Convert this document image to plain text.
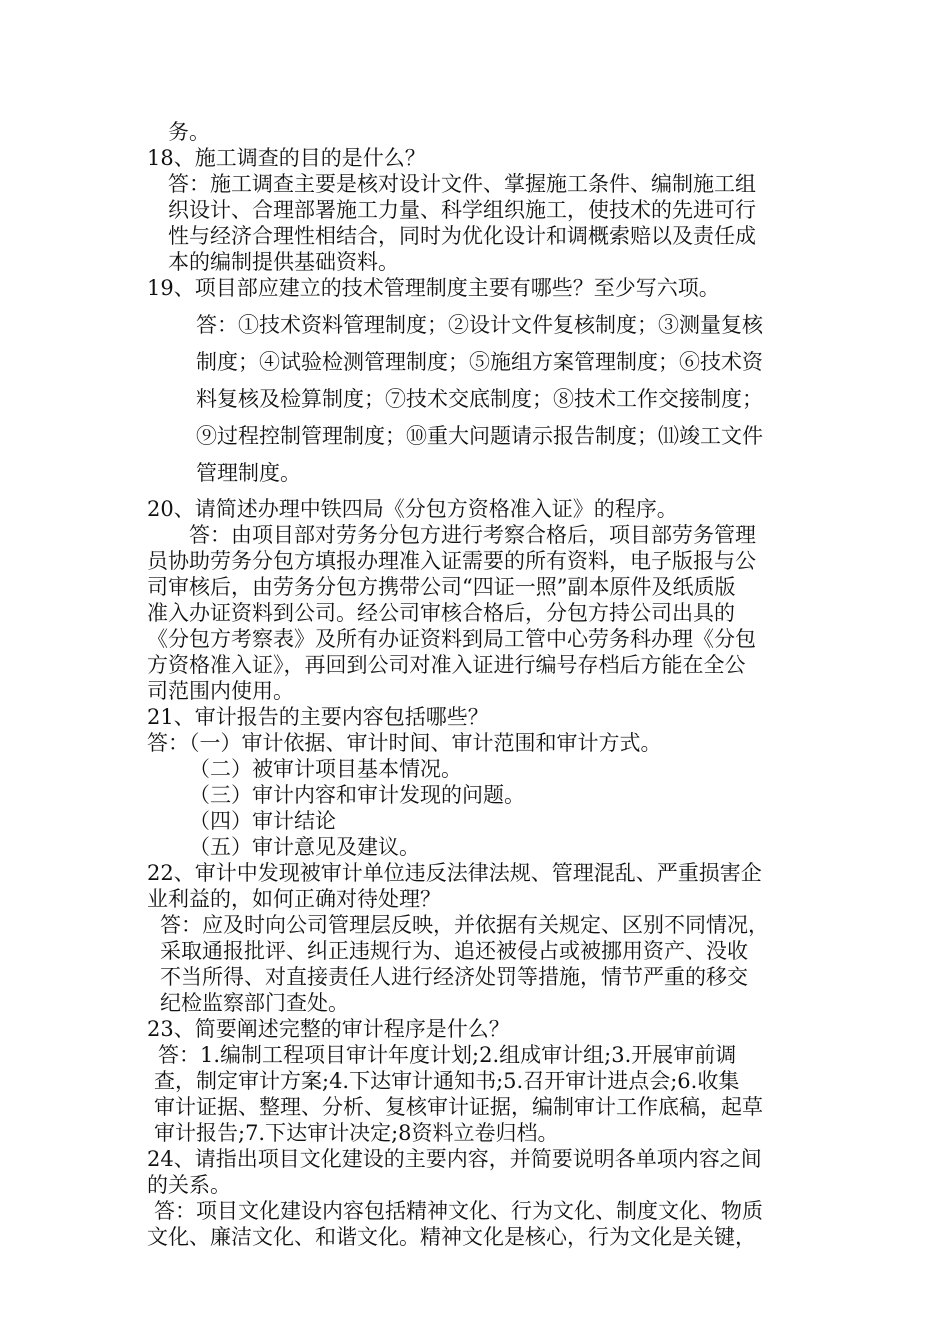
务。
18、施工调查的目的是什么？
答：施工调查主要是核对设计文件、掌握施工条件、编制施工组
织设计、合理部署施工力量、科学组织施工，使技术的先进可行
性与经济合理性相结合，同时为优化设计和调概索赔以及责任成
本的编制提供基础资料。
19、项目部应建立的技术管理制度主要有哪些？至少写六项。
答：①技术资料管理制度；②设计文件复核制度；③测量复核
制度；④试验检测管理制度；⑤施组方案管理制度；⑥技术资
料复核及检算制度；⑦技术交底制度；⑧技术工作交接制度；
⑨过程控制管理制度；⑩重大问题请示报告制度；⑾竣工文件
管理制度。
20、请简述办理中铁四局《分包方资格准入证》的程序。
答：由项目部对劳务分包方进行考察合格后，项目部劳务管理
员协助劳务分包方填报办理准入证需要的所有资料，电子版报与公
司审核后，由劳务分包方携带公司“四证一照”副本原件及纸质版
准入办证资料到公司。经公司审核合格后，分包方持公司出具的
《分包方考察表》及所有办证资料到局工管中心劳务科办理《分包
方资格准入证》，再回到公司对准入证进行编号存档后方能在全公
司范围内使用。
21、审计报告的主要内容包括哪些？
答：（一）审计依据、审计时间、审计范围和审计方式。
（二）被审计项目基本情况。
（三）审计内容和审计发现的问题。
（四）审计结论
（五）审计意见及建议。
22、审计中发现被审计单位违反法律法规、管理混乱、严重损害企
业利益的，如何正确对待处理？
答：应及时向公司管理层反映，并依据有关规定、区别不同情况，
采取通报批评、纠正违规行为、追还被侵占或被挪用资产、没收
不当所得、对直接责任人进行经济处罚等措施，情节严重的移交
纪检监察部门查处。
23、简要阐述完整的审计程序是什么？
答：1.编制工程项目审计年度计划;2.组成审计组;3.开展审前调
查，制定审计方案;4.下达审计通知书;5.召开审计进点会;6.收集
审计证据、整理、分析、复核审计证据，编制审计工作底稿，起草
审计报告;7.下达审计决定;8资料立卷归档。
24、请指出项目文化建设的主要内容，并简要说明各单项内容之间
的关系。
答：项目文化建设内容包括精神文化、行为文化、制度文化、物质
文化、廉洁文化、和谐文化。精神文化是核心，行为文化是关键，
